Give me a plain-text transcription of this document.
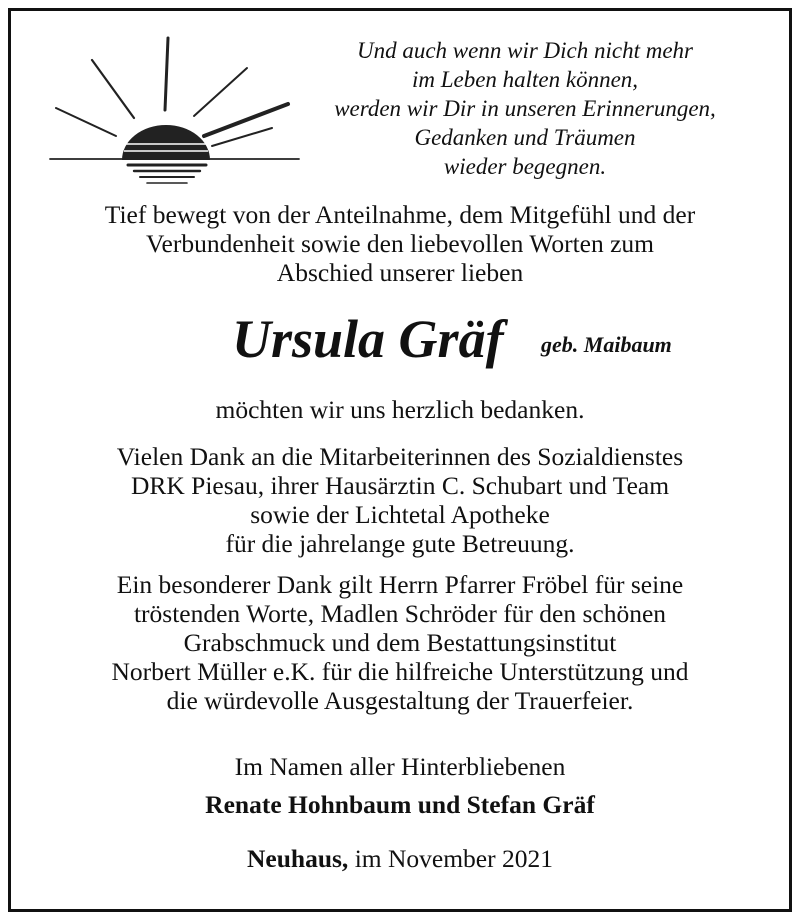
Und auch wenn wir Dich nicht mehr
im Leben halten können,
werden wir Dir in unseren Erinnerungen,
Gedanken und Träumen
wieder begegnen.
Tief bewegt von der Anteilnahme, dem Mitgefühl und der
Verbundenheit sowie den liebevollen Worten zum
Abschied unserer lieben
Ursula Gräf geb. Maibaum
möchten wir uns herzlich bedanken.
Vielen Dank an die Mitarbeiterinnen des Sozialdienstes
DRK Piesau, ihrer Hausärztin C. Schubart und Team
sowie der Lichtetal Apotheke
für die jahrelange gute Betreuung.
Ein besonderer Dank gilt Herrn Pfarrer Fröbel für seine
tröstenden Worte, Madlen Schröder für den schönen
Grabschmuck und dem Bestattungsinstitut
Norbert Müller e.K. für die hilfreiche Unterstützung und
die würdevolle Ausgestaltung der Trauerfeier.
Im Namen aller Hinterbliebenen
Renate Hohnbaum und Stefan Gräf
Neuhaus, im November 2021
